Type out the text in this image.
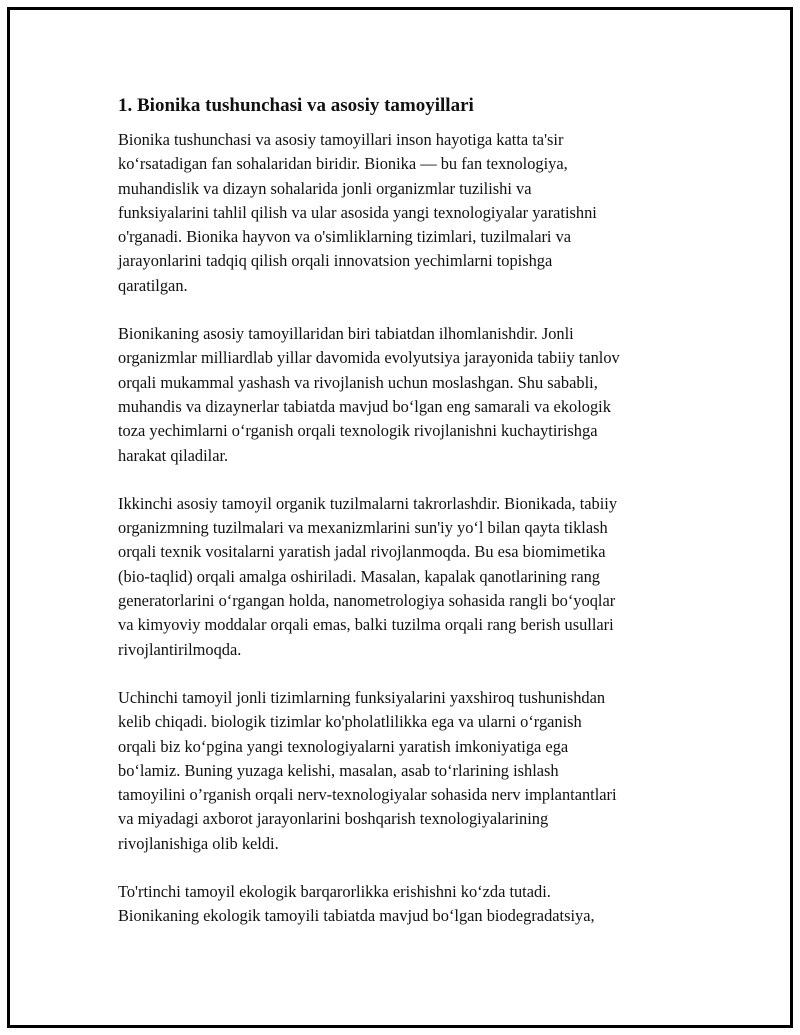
1. Bionika tushunchasi va asosiy tamoyillari

Bionika tushunchasi va asosiy tamoyillari inson hayotiga katta ta'sir
ko‘rsatadigan fan sohalaridan biridir. Bionika — bu fan texnologiya,
muhandislik va dizayn sohalarida jonli organizmlar tuzilishi va
funksiyalarini tahlil qilish va ular asosida yangi texnologiyalar yaratishni
o'rganadi. Bionika hayvon va o'simliklarning tizimlari, tuzilmalari va
jarayonlarini tadqiq qilish orqali innovatsion yechimlarni topishga
qaratilgan.

Bionikaning asosiy tamoyillaridan biri tabiatdan ilhomlanishdir. Jonli
organizmlar milliardlab yillar davomida evolyutsiya jarayonida tabiiy tanlov
orqali mukammal yashash va rivojlanish uchun moslashgan. Shu sababli,
muhandis va dizaynerlar tabiatda mavjud bo‘lgan eng samarali va ekologik
toza yechimlarni o‘rganish orqali texnologik rivojlanishni kuchaytirishga
harakat qiladilar.

Ikkinchi asosiy tamoyil organik tuzilmalarni takrorlashdir. Bionikada, tabiiy
organizmning tuzilmalari va mexanizmlarini sun'iy yo‘l bilan qayta tiklash
orqali texnik vositalarni yaratish jadal rivojlanmoqda. Bu esa biomimetika
(bio-taqlid) orqali amalga oshiriladi. Masalan, kapalak qanotlarining rang
generatorlarini o‘rgangan holda, nanometrologiya sohasida rangli bo‘yoqlar
va kimyoviy moddalar orqali emas, balki tuzilma orqali rang berish usullari
rivojlantirilmoqda.

Uchinchi tamoyil jonli tizimlarning funksiyalarini yaxshiroq tushunishdan
kelib chiqadi. biologik tizimlar ko'pholatlilikka ega va ularni o‘rganish
orqali biz ko‘pgina yangi texnologiyalarni yaratish imkoniyatiga ega
bo‘lamiz. Buning yuzaga kelishi, masalan, asab to‘rlarining ishlash
tamoyilini o’rganish orqali nerv-texnologiyalar sohasida nerv implantantlari
va miyadagi axborot jarayonlarini boshqarish texnologiyalarining
rivojlanishiga olib keldi.

To'rtinchi tamoyil ekologik barqarorlikka erishishni ko‘zda tutadi.
Bionikaning ekologik tamoyili tabiatda mavjud bo‘lgan biodegradatsiya,
